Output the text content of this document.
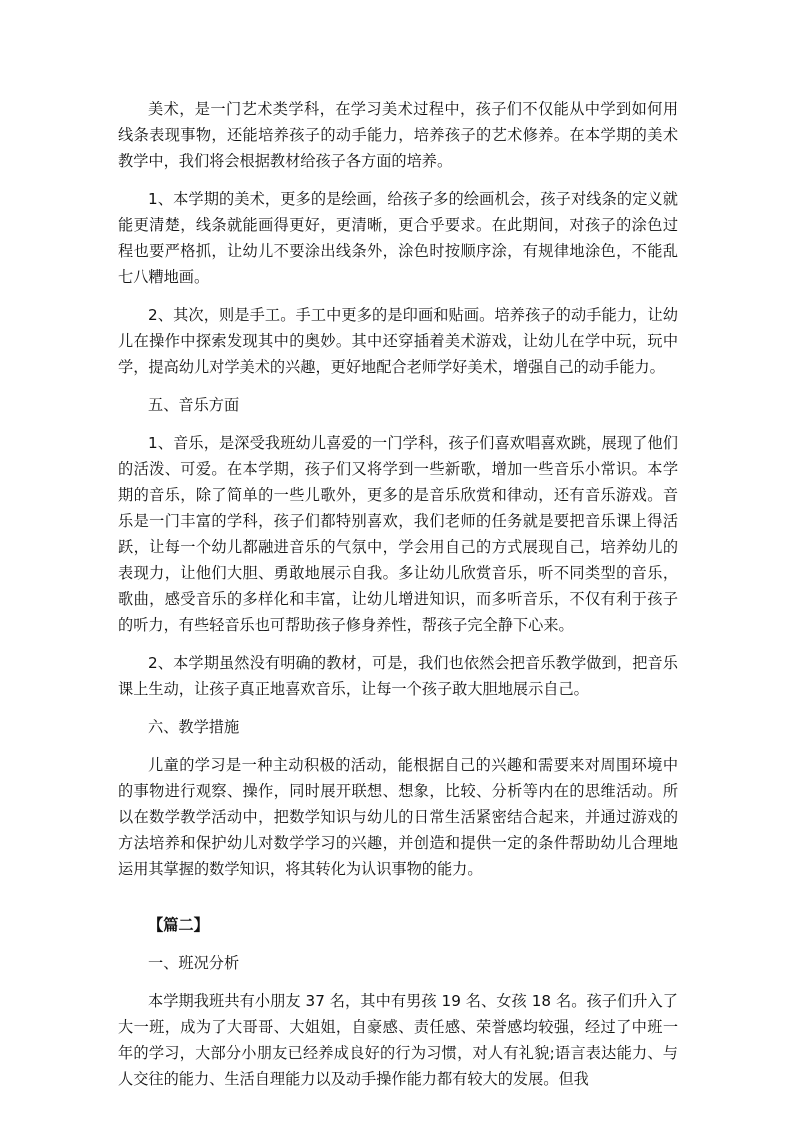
美术，是一门艺术类学科，在学习美术过程中，孩子们不仅能从中学到如何用线条表现事物，还能培养孩子的动手能力，培养孩子的艺术修养。在本学期的美术教学中，我们将会根据教材给孩子各方面的培养。

1、本学期的美术，更多的是绘画，给孩子多的绘画机会，孩子对线条的定义就能更清楚，线条就能画得更好，更清晰，更合乎要求。在此期间，对孩子的涂色过程也要严格抓，让幼儿不要涂出线条外，涂色时按顺序涂，有规律地涂色，不能乱七八糟地画。

2、其次，则是手工。手工中更多的是印画和贴画。培养孩子的动手能力，让幼儿在操作中探索发现其中的奥妙。其中还穿插着美术游戏，让幼儿在学中玩，玩中学，提高幼儿对学美术的兴趣，更好地配合老师学好美术，增强自己的动手能力。

五、音乐方面

1、音乐，是深受我班幼儿喜爱的一门学科，孩子们喜欢唱喜欢跳，展现了他们的活泼、可爱。在本学期，孩子们又将学到一些新歌，增加一些音乐小常识。本学期的音乐，除了简单的一些儿歌外，更多的是音乐欣赏和律动，还有音乐游戏。音乐是一门丰富的学科，孩子们都特别喜欢，我们老师的任务就是要把音乐课上得活跃，让每一个幼儿都融进音乐的气氛中，学会用自己的方式展现自己，培养幼儿的表现力，让他们大胆、勇敢地展示自我。多让幼儿欣赏音乐，听不同类型的音乐，歌曲，感受音乐的多样化和丰富，让幼儿增进知识，而多听音乐，不仅有利于孩子的听力，有些轻音乐也可帮助孩子修身养性，帮孩子完全静下心来。

2、本学期虽然没有明确的教材，可是，我们也依然会把音乐教学做到，把音乐课上生动，让孩子真正地喜欢音乐，让每一个孩子敢大胆地展示自己。

六、教学措施

儿童的学习是一种主动积极的活动，能根据自己的兴趣和需要来对周围环境中的事物进行观察、操作，同时展开联想、想象，比较、分析等内在的思维活动。所以在数学教学活动中，把数学知识与幼儿的日常生活紧密结合起来，并通过游戏的方法培养和保护幼儿对数学学习的兴趣，并创造和提供一定的条件帮助幼儿合理地运用其掌握的数学知识，将其转化为认识事物的能力。

【篇二】

一、班况分析

本学期我班共有小朋友 37 名，其中有男孩 19 名、女孩 18 名。孩子们升入了大一班，成为了大哥哥、大姐姐，自豪感、责任感、荣誉感均较强，经过了中班一年的学习，大部分小朋友已经养成良好的行为习惯，对人有礼貌;语言表达能力、与人交往的能力、生活自理能力以及动手操作能力都有较大的发展。但我
